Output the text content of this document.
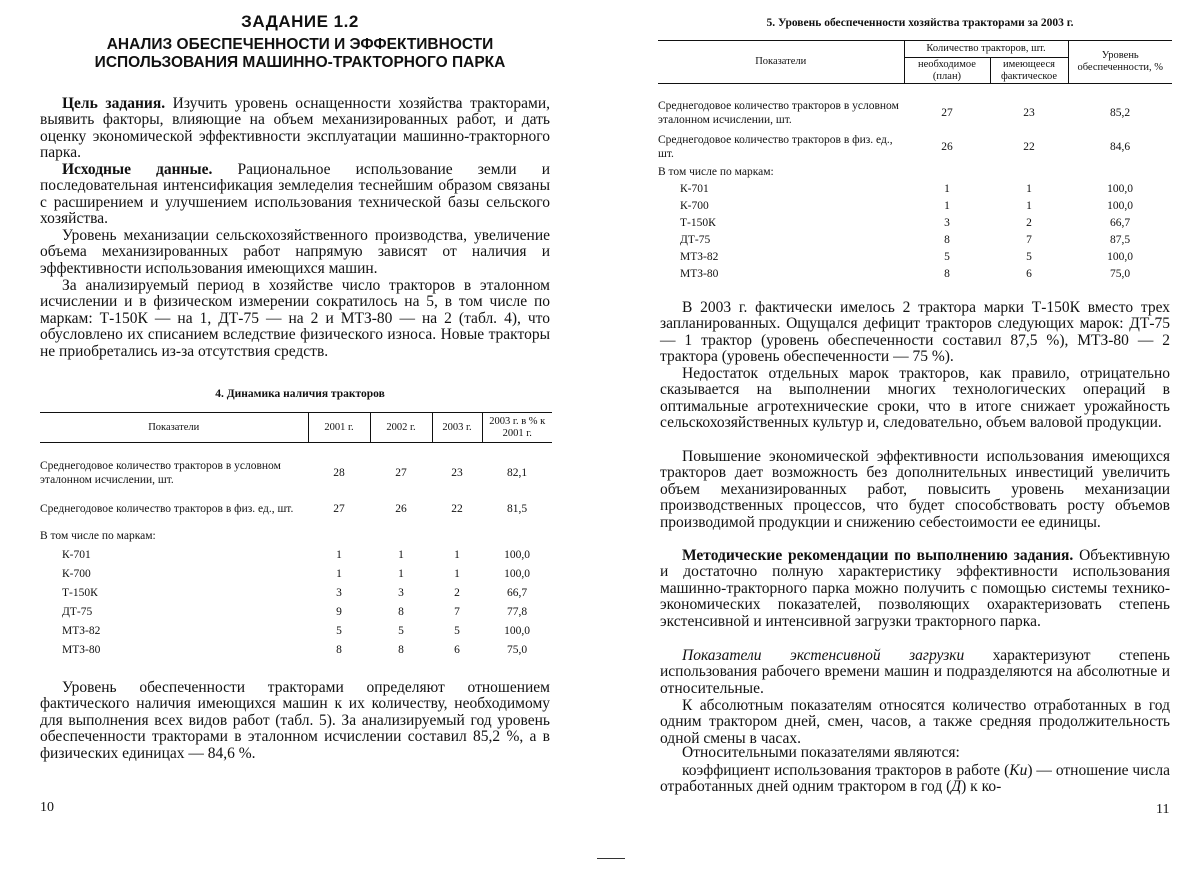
ЗАДАНИЕ 1.2
АНАЛИЗ ОБЕСПЕЧЕННОСТИ И ЭФФЕКТИВНОСТИ
ИСПОЛЬЗОВАНИЯ МАШИННО-ТРАКТОРНОГО ПАРКА

Цель задания. Изучить уровень оснащенности хозяйства тракторами, выявить факторы, влияющие на объем механизированных работ, и дать оценку экономической эффективности эксплуатации машинно-тракторного парка.

Исходные данные. Рациональное использование земли и последовательная интенсификация земледелия теснейшим образом связаны с расширением и улучшением использования технической базы сельского хозяйства.

Уровень механизации сельскохозяйственного производства, увеличение объема механизированных работ напрямую зависят от наличия и эффективности использования имеющихся машин.

За анализируемый период в хозяйстве число тракторов в эталонном исчислении и в физическом измерении сократилось на 5, в том числе по маркам: Т-150К — на 1, ДТ-75 — на 2 и МТЗ-80 — на 2 (табл. 4), что обусловлено их списанием вследствие физического износа. Новые тракторы не приобретались из-за отсутствия средств.

4. Динамика наличия тракторов
Показатели	2001 г.	2002 г.	2003 г.	2003 г. в % к 2001 г.

Среднегодовое количество тракторов в условном эталонном исчислении, шт.	28	27	23	82,1
Среднегодовое количество тракторов в физ. ед., шт.	27	26	22	81,5
В том числе по маркам:				
К-701	1	1	1	100,0
К-700	1	1	1	100,0
Т-150К	3	3	2	66,7
ДТ-75	9	8	7	77,8
МТЗ-82	5	5	5	100,0
МТЗ-80	8	8	6	75,0

Уровень обеспеченности тракторами определяют отношением фактического наличия имеющихся машин к их количеству, необходимому для выполнения всех видов работ (табл. 5). За анализируемый год уровень обеспеченности тракторами в эталонном исчислении составил 85,2 %, а в физических единицах — 84,6 %.

10
5. Уровень обеспеченности хозяйства тракторами за 2003 г.
Показатели	Количество тракторов, шт.		Уровень обеспеченности, %
	необходимое (план)	имеющееся фактическое	

Среднегодовое количество тракторов в условном эталонном исчислении, шт.	27	23	85,2
Среднегодовое количество тракторов в физ. ед., шт.	26	22	84,6
В том числе по маркам:			
К-701	1	1	100,0
К-700	1	1	100,0
Т-150К	3	2	66,7
ДТ-75	8	7	87,5
МТЗ-82	5	5	100,0
МТЗ-80	8	6	75,0

В 2003 г. фактически имелось 2 трактора марки Т-150К вместо трех запланированных. Ощущался дефицит тракторов следующих марок: ДТ-75 — 1 трактор (уровень обеспеченности составил 87,5 %), МТЗ-80 — 2 трактора (уровень обеспеченности — 75 %).

Недостаток отдельных марок тракторов, как правило, отрицательно сказывается на выполнении многих технологических операций в оптимальные агротехнические сроки, что в итоге снижает урожайность сельскохозяйственных культур и, следовательно, объем валовой продукции.

Повышение экономической эффективности использования имеющихся тракторов дает возможность без дополнительных инвестиций увеличить объем механизированных работ, повысить уровень механизации производственных процессов, что будет способствовать росту объемов производимой продукции и снижению себестоимости ее единицы.

Методические рекомендации по выполнению задания. Объективную и достаточно полную характеристику эффективности использования машинно-тракторного парка можно получить с помощью системы технико-экономических показателей, позволяющих охарактеризовать степень экстенсивной и интенсивной загрузки тракторного парка.

Показатели экстенсивной загрузки характеризуют степень использования рабочего времени машин и подразделяются на абсолютные и относительные.

К абсолютным показателям относятся количество отработанных в год одним трактором дней, смен, часов, а также средняя продолжительность одной смены в часах.

Относительными показателями являются:

коэффициент использования тракторов в работе (Kи) — отношение числа отработанных дней одним трактором в год (Д) к ко-

11
